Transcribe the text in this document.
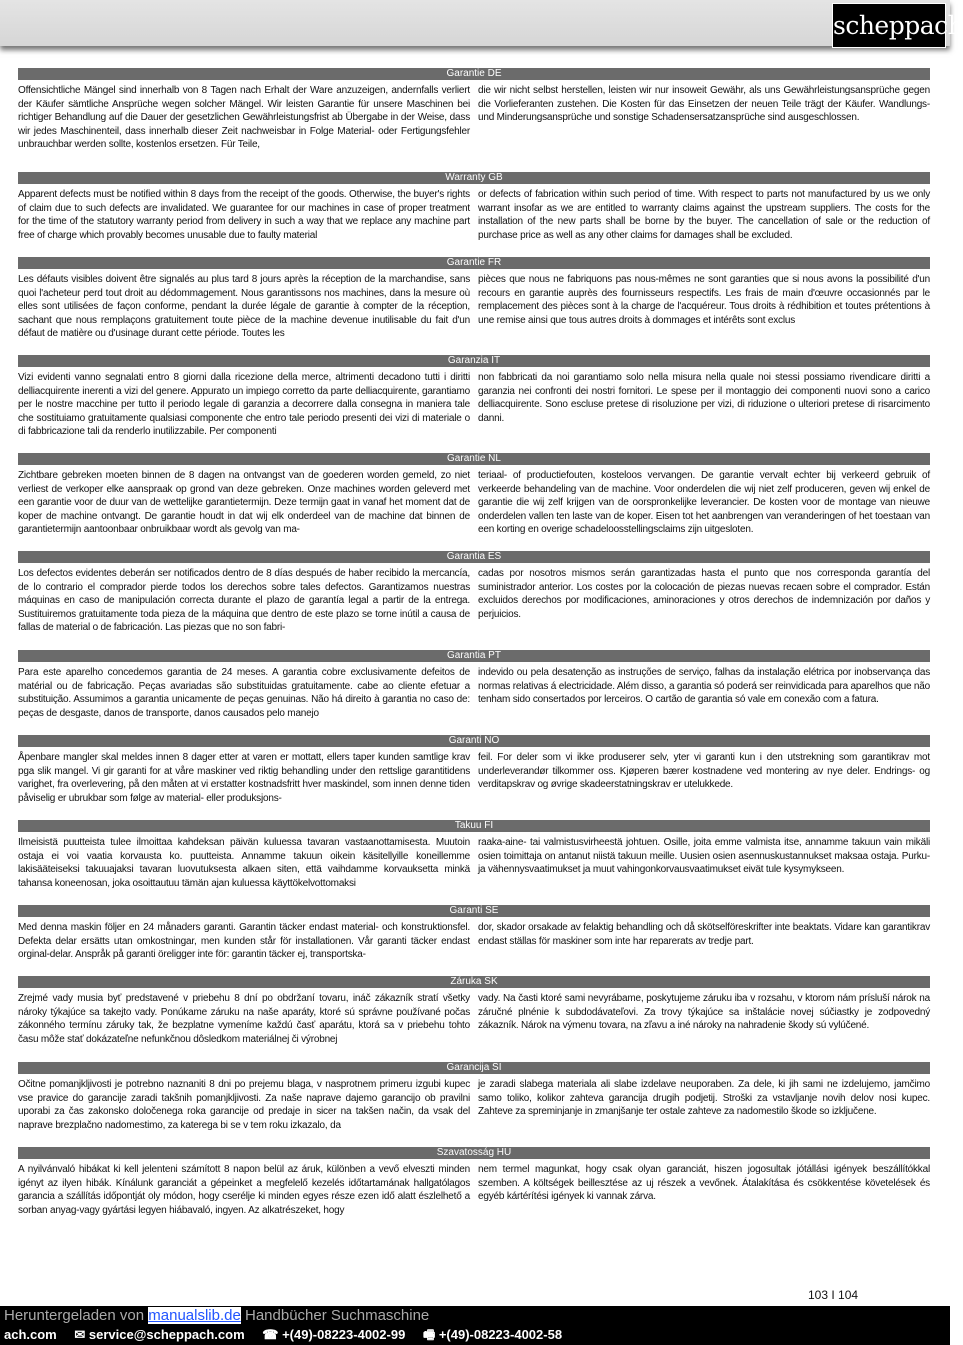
scheppach
Garantie DE
Offensichtliche Mängel sind innerhalb von 8 Tagen nach Erhalt der Ware anzuzeigen, andernfalls verliert der Käufer sämtliche Ansprüche wegen solcher Mängel. Wir leisten Garantie für unsere Maschinen bei richtiger Behandlung auf die Dauer der gesetzlichen Gewährleistungsfrist ab Übergabe in der Weise, dass wir jedes Maschinenteil, dass innerhalb dieser Zeit nachweisbar in Folge Material- oder Fertigungsfehler unbrauchbar werden sollte, kostenlos ersetzen. Für Teile,
die wir nicht selbst herstellen, leisten wir nur insoweit Gewähr, als uns Gewährleistungsansprüche gegen die Vorlieferanten zustehen. Die Kosten für das Einsetzen der neuen Teile trägt der Käufer. Wandlungs- und Minderungsansprüche und sonstige Schadensersatzansprüche sind ausgeschlossen.
Warranty GB
Apparent defects must be notified within 8 days from the receipt of the goods. Otherwise, the buyer's rights of claim due to such defects are invalidated. We guarantee for our machines in case of proper treatment for the time of the statutory warranty period from delivery in such a way that we replace any machine part free of charge which provably becomes unusable due to faulty material
or defects of fabrication within such period of time. With respect to parts not manufactured by us we only warrant insofar as we are entitled to warranty claims against the upstream suppliers. The costs for the installation of the new parts shall be borne by the buyer. The cancellation of sale or the reduction of purchase price as well as any other claims for damages shall be excluded.
Garantie FR
Les défauts visibles doivent être signalés au plus tard 8 jours après la réception de la marchandise, sans quoi l'acheteur perd tout droit au dédommagement. Nous garantissons nos machines, dans la mesure où elles sont utilisées de façon conforme, pendant la durée légale de garantie à compter de la réception, sachant que nous remplaçons gratuitement toute pièce de la machine devenue inutilisable du fait d'un défaut de matière ou d'usinage durant cette période. Toutes les
pièces que nous ne fabriquons pas nous-mêmes ne sont garanties que si nous avons la possibilité d'un recours en garantie auprès des fournisseurs respectifs. Les frais de main d'œuvre occasionnés par le remplacement des pièces sont à la charge de l'acquéreur. Tous droits à rédhibition et toutes prétentions à une remise ainsi que tous autres droits à dommages et intérêts sont exclus
Garanzia IT
Vizi evidenti vanno segnalati entro 8 giorni dalla ricezione della merce, altrimenti decadono tutti i diritti delliacquirente inerenti a vizi del genere. Appurato un impiego corretto da parte delliacquirente, garantiamo per le nostre macchine per tutto il periodo legale di garanzia a decorrere dalla consegna in maniera tale che sostituiamo gratuitamente qualsiasi componente che entro tale periodo presenti dei vizi di materiale o di fabbricazione tali da renderlo inutilizzabile. Per componenti
non fabbricati da noi garantiamo solo nella misura nella quale noi stessi possiamo rivendicare diritti a garanzia nei confronti dei nostri fornitori. Le spese per il montaggio dei componenti nuovi sono a carico delliacquirente. Sono escluse pretese di risoluzione per vizi, di riduzione o ulteriori pretese di risarcimento danni.
Garantie NL
Zichtbare gebreken moeten binnen de 8 dagen na ontvangst van de goederen worden gemeld, zo niet verliest de verkoper elke aanspraak op grond van deze gebreken. Onze machines worden geleverd met een garantie voor de duur van de wettelijke garantietermijn. Deze termijn gaat in vanaf het moment dat de koper de machine ontvangt. De garantie houdt in dat wij elk onderdeel van de machine dat binnen de garantietermijn aantoonbaar onbruikbaar wordt als gevolg van ma-
teriaal- of productiefouten, kosteloos vervangen. De garantie vervalt echter bij verkeerd gebruik of verkeerde behandeling van de machine. Voor onderdelen die wij niet zelf produceren, geven wij enkel de garantie die wij zelf krijgen van de oorspronkelijke leverancier. De kosten voor de montage van nieuwe onderdelen vallen ten laste van de koper. Eisen tot het aanbrengen van veranderingen of het toestaan van een korting en overige schadeloosstellingsclaims zijn uitgesloten.
Garantia ES
Los defectos evidentes deberán ser notificados dentro de 8 días después de haber recibido la mercancía, de lo contrario el comprador pierde todos los derechos sobre tales defectos. Garantizamos nuestras máquinas en caso de manipulación correcta durante el plazo de garantía legal a partir de la entrega. Sustituiremos gratuitamente toda pieza de la máquina que dentro de este plazo se torne inútil a causa de fallas de material o de fabricación. Las piezas que no son fabri-
cadas por nosotros mismos serán garantizadas hasta el punto que nos corresponda garantía del suministrador anterior. Los costes por la colocación de piezas nuevas recaen sobre el comprador. Están excluidos derechos por modificaciones, aminoraciones y otros derechos de indemnización por daños y perjuicios.
Garantia PT
Para este aparelho concedemos garantia de 24 meses. A garantia cobre exclusivamente defeitos de matérial ou de fabricação. Peças avariadas são substituidas gratuitamente. cabe ao cliente efetuar a substituição. Assumimos a garantia unicamente de peças genuinas. Não há direito à garantia no caso de: peças de desgaste, danos de transporte, danos causados pelo manejo
indevido ou pela desatenção as instruções de serviço, falhas da instalação elétrica por inobservança das normas relativas á electricidade. Além disso, a garantia só poderá ser reinvidicada para aparelhos que não tenham sido consertados por lerceiros. O cartão de garantia só vale em conexão com a fatura.
Garanti NO
Åpenbare mangler skal meldes innen 8 dager etter at varen er mottatt, ellers taper kunden samtlige krav pga slik mangel. Vi gir garanti for at våre maskiner ved riktig behandling under den rettslige garantitidens varighet, fra overlevering, på den måten at vi erstatter kostnadsfritt hver maskindel, som innen denne tiden påviselig er ubrukbar som følge av material- eller produksjons-
feil. For deler som vi ikke produserer selv, yter vi garanti kun i den utstrekning som garantikrav mot underleverandør tilkommer oss. Kjøperen bærer kostnadene ved montering av nye deler. Endrings- og verditapskrav og øvrige skadeerstatningskrav er utelukkede.
Takuu FI
Ilmeisistä puutteista tulee ilmoittaa kahdeksan päivän kuluessa tavaran vastaanottamisesta. Muutoin ostaja ei voi vaatia korvausta ko. puutteista. Annamme takuun oikein käsitellyille koneillemme lakisääteiseksi takuuajaksi tavaran luovutuksesta alkaen siten, että vaihdamme korvauksetta minkä tahansa koneenosan, joka osoittautuu tämän ajan kuluessa käyttökelvottomaksi
raaka-aine- tai valmistusvirheestä johtuen. Osille, joita emme valmista itse, annamme takuun vain mikäli osien toimittaja on antanut niistä takuun meille. Uusien osien asennuskustannukset maksaa ostaja. Purku- ja vähennysvaatimukset ja muut vahingonkorvausvaatimukset eivät tule kysymykseen.
Garanti SE
Med denna maskin följer en 24 månaders garanti. Garantin täcker endast material- och konstruktionsfel. Defekta delar ersätts utan omkostningar, men kunden står för installationen. Vår garanti täcker endast orginal-delar. Anspråk på garanti öreligger inte för: garantin täcker ej, transportska-
dor, skador orsakade av felaktig behandling och då skötselföreskrifter inte beaktats. Vidare kan garantikrav endast ställas för maskiner som inte har reparerats av tredje part.
Záruka SK
Zrejmé vady musia byť predstavené v priebehu 8 dní po obdržaní tovaru, ináč zákazník stratí všetky nároky týkajúce sa takejto vady. Ponúkame záruku na naše aparáty, ktoré sú správne používané počas zákonného termínu záruky tak, že bezplatne vymeníme každú časť aparátu, ktorá sa v priebehu tohto času môže stať dokázateľne nefunkčnou dôsledkom materiálnej či výrobnej
vady. Na časti ktoré sami nevyrábame, poskytujeme záruku iba v rozsahu, v ktorom nám prísluší nárok na záručné plnénie k subdodávateľovi. Za trovy týkajúce sa inštalácie novej súčiastky je zodpovedný zákazník. Nárok na výmenu tovara, na zľavu a iné nároky na nahradenie škody sú vylúčené.
Garancija SI
Očitne pomanjkljivosti je potrebno naznaniti 8 dni po prejemu blaga, v nasprotnem primeru izgubi kupec vse pravice do garancije zaradi takšnih pomanjkljivosti. Za naše naprave dajemo garancijo ob pravilni uporabi za čas zakonsko določenega roka garancije od predaje in sicer na takšen način, da vsak del naprave brezplačno nadomestimo, za katerega bi se v tem roku izkazalo, da
je zaradi slabega materiala ali slabe izdelave neuporaben. Za dele, ki jih sami ne izdelujemo, jamčimo samo toliko, kolikor zahteva garancija drugih podjetij. Stroški za vstavljanje novih delov nosi kupec. Zahteve za spreminjanje in zmanjšanje ter ostale zahteve za nadomestilo škode so izključene.
Szavatosság HU
A nyilvánvaló hibákat ki kell jelenteni számított 8 napon belül az áruk, különben a vevő elveszti minden igényt az ilyen hibák. Kínálunk garanciát a gépeinket a megfelelő kezelés időtartamának hallgatólagos garancia a szállítás időpontját oly módon, hogy cserélje ki minden egyes része ezen idő alatt észlelhető a sorban anyag-vagy gyártási legyen hiábavaló, ingyen. Az alkatrészeket, hogy
nem termel magunkat, hogy csak olyan garanciát, hiszen jogosultak jótállási igények beszállítókkal szemben. A költségek beillesztése az uj részek a vevőnek. Átalakítása és csökkentése követelések és egyéb kártérítési igények ki vannak zárva.
103 I 104
Heruntergeladen von manualslib.de Handbücher Suchmaschine
ach.com ✉ service@scheppach.com ☎ +(49)-08223-4002-99 🖷 +(49)-08223-4002-58
